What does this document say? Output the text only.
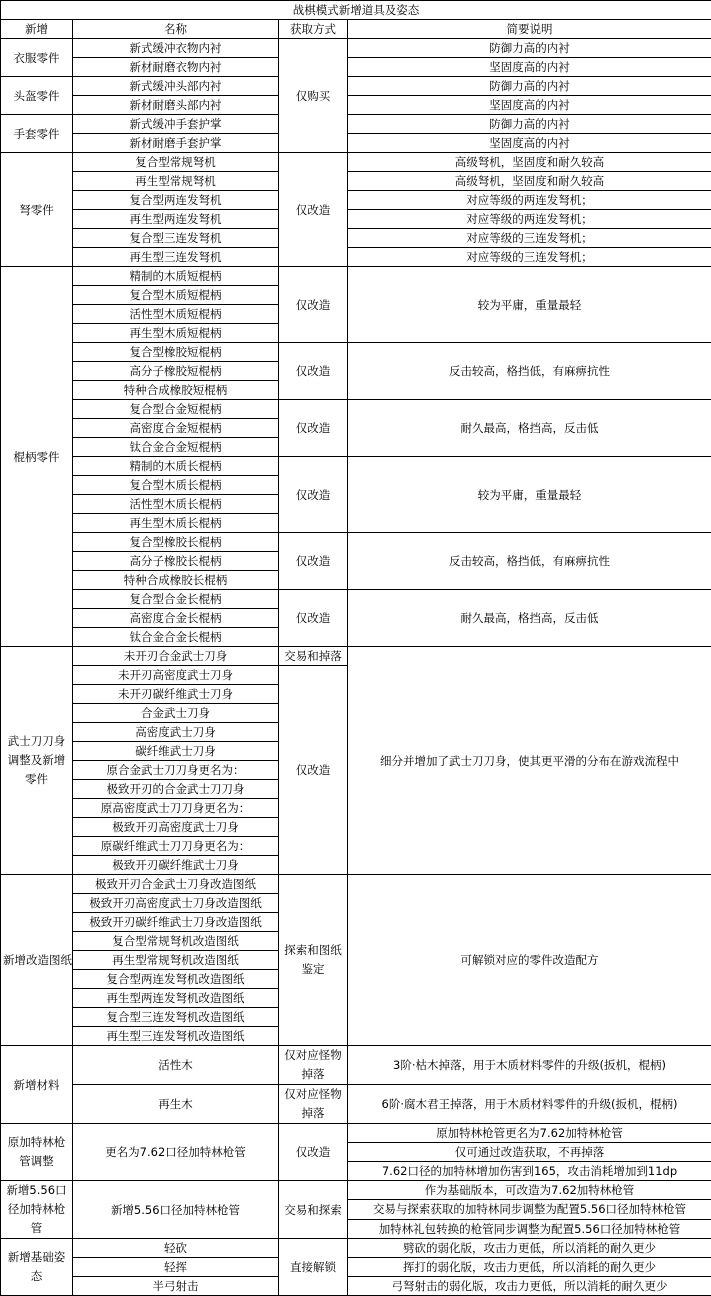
战棋模式新增道具及姿态			
新增	名称	获取方式	简要说明
衣服零件	新式缓冲衣物内衬	仅购买	防御力高的内衬
	新材耐磨衣物内衬		坚固度高的内衬
头盔零件	新式缓冲头部内衬		防御力高的内衬
	新材耐磨头部内衬		坚固度高的内衬
手套零件	新式缓冲手套护掌		防御力高的内衬
	新材耐磨手套护掌		坚固度高的内衬
弩零件	复合型常规弩机	仅改造	高级弩机，坚固度和耐久较高
	再生型常规弩机		高级弩机，坚固度和耐久较高
	复合型两连发弩机		对应等级的两连发弩机；
	再生型两连发弩机		对应等级的两连发弩机；
	复合型三连发弩机		对应等级的三连发弩机；
	再生型三连发弩机		对应等级的三连发弩机；
棍柄零件	精制的木质短棍柄	仅改造	较为平庸，重量最轻
	复合型木质短棍柄		
	活性型木质短棍柄		
	再生型木质短棍柄		
	复合型橡胶短棍柄	仅改造	反击较高，格挡低，有麻痹抗性
	高分子橡胶短棍柄		
	特种合成橡胶短棍柄		
	复合型合金短棍柄	仅改造	耐久最高，格挡高，反击低
	高密度合金短棍柄		
	钛合金合金短棍柄		
	精制的木质长棍柄	仅改造	较为平庸，重量最轻
	复合型木质长棍柄		
	活性型木质长棍柄		
	再生型木质长棍柄		
	复合型橡胶长棍柄	仅改造	反击较高，格挡低，有麻痹抗性
	高分子橡胶长棍柄		
	特种合成橡胶长棍柄		
	复合型合金长棍柄	仅改造	耐久最高，格挡高，反击低
	高密度合金长棍柄		
	钛合金合金长棍柄		
武士刀刀身调整及新增零件	未开刃合金武士刀身	交易和掉落	细分并增加了武士刀刀身，使其更平滑的分布在游戏流程中
	未开刃高密度武士刀身	仅改造	
	未开刃碳纤维武士刀身		
	合金武士刀身		
	高密度武士刀身		
	碳纤维武士刀身		
	原合金武士刀刀身更名为：		
	极致开刃的合金武士刀刀身		
	原高密度武士刀刀身更名为：		
	极致开刃高密度武士刀身		
	原碳纤维武士刀刀身更名为：		
	极致开刃碳纤维武士刀身		
新增改造图纸	极致开刃合金武士刀身改造图纸	探索和图纸鉴定	可解锁对应的零件改造配方
	极致开刃高密度武士刀身改造图纸		
	极致开刃碳纤维武士刀身改造图纸		
	复合型常规弩机改造图纸		
	再生型常规弩机改造图纸		
	复合型两连发弩机改造图纸		
	再生型两连发弩机改造图纸		
	复合型三连发弩机改造图纸		
	再生型三连发弩机改造图纸		
新增材料	活性木	仅对应怪物掉落	3阶·枯木掉落，用于木质材料零件的升级(扳机，棍柄)
	再生木	仅对应怪物掉落	6阶·腐木君王掉落，用于木质材料零件的升级(扳机，棍柄)
原加特林枪管调整	更名为7.62口径加特林枪管	仅改造	原加特林枪管更名为7.62加特林枪管
			仅可通过改造获取，不再掉落
			7.62口径的加特林增加伤害到165，攻击消耗增加到11dp
新增5.56口径加特林枪管	新增5.56口径加特林枪管	交易和探索	作为基础版本，可改造为7.62加特林枪管
			交易与探索获取的加特林同步调整为配置5.56口径加特林枪管
			加特林礼包转换的枪管同步调整为配置5.56口径加特林枪管
新增基础姿态	轻砍	直接解锁	劈砍的弱化版，攻击力更低，所以消耗的耐久更少
	轻挥		挥打的弱化版，攻击力更低，所以消耗的耐久更少
	半弓射击		弓弩射击的弱化版，攻击力更低，所以消耗的耐久更少
